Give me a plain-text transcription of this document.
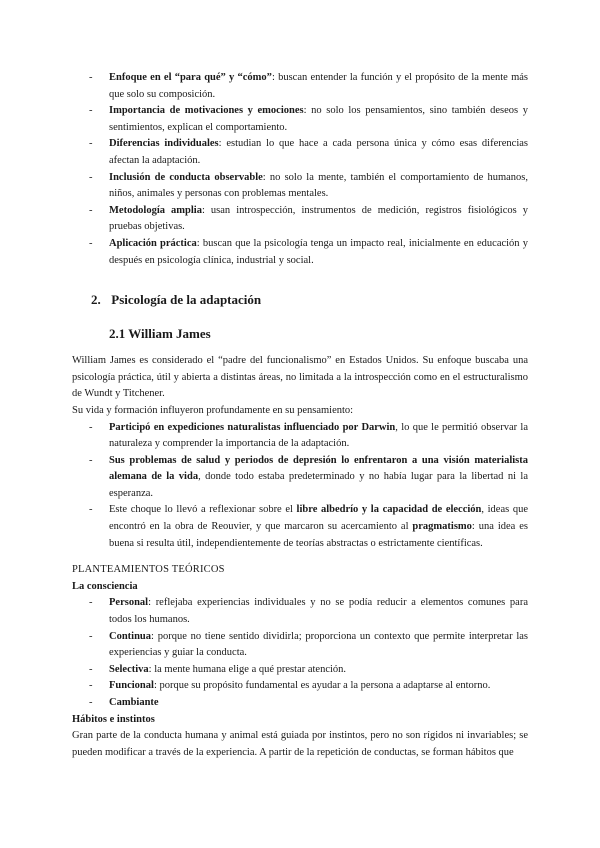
- Enfoque en el “para qué” y “cómo”: buscan entender la función y el propósito de la mente más que solo su composición.
- Importancia de motivaciones y emociones: no solo los pensamientos, sino también deseos y sentimientos, explican el comportamiento.
- Diferencias individuales: estudian lo que hace a cada persona única y cómo esas diferencias afectan la adaptación.
- Inclusión de conducta observable: no solo la mente, también el comportamiento de humanos, niños, animales y personas con problemas mentales.
- Metodología amplia: usan introspección, instrumentos de medición, registros fisiológicos y pruebas objetivas.
- Aplicación práctica: buscan que la psicología tenga un impacto real, inicialmente en educación y después en psicología clínica, industrial y social.
2. Psicología de la adaptación
2.1 William James

William James es considerado el “padre del funcionalismo” en Estados Unidos. Su enfoque buscaba una psicología práctica, útil y abierta a distintas áreas, no limitada a la introspección como en el estructuralismo de Wundt y Titchener.

Su vida y formación influyeron profundamente en su pensamiento:

- Participó en expediciones naturalistas influenciado por Darwin, lo que le permitió observar la naturaleza y comprender la importancia de la adaptación.
- Sus problemas de salud y periodos de depresión lo enfrentaron a una visión materialista alemana de la vida, donde todo estaba predeterminado y no había lugar para la libertad ni la esperanza.
- Este choque lo llevó a reflexionar sobre el libre albedrío y la capacidad de elección, ideas que encontró en la obra de Reouvier, y que marcaron su acercamiento al pragmatismo: una idea es buena si resulta útil, independientemente de teorías abstractas o estrictamente científicas.

PLANTEAMIENTOS TEÓRICOS

La consciencia

- Personal: reflejaba experiencias individuales y no se podía reducir a elementos comunes para todos los humanos.
- Continua: porque no tiene sentido dividirla; proporciona un contexto que permite interpretar las experiencias y guiar la conducta.
- Selectiva: la mente humana elige a qué prestar atención.
- Funcional: porque su propósito fundamental es ayudar a la persona a adaptarse al entorno.
- Cambiante

Hábitos e instintos

Gran parte de la conducta humana y animal está guiada por instintos, pero no son rígidos ni invariables; se pueden modificar a través de la experiencia. A partir de la repetición de conductas, se forman hábitos que
